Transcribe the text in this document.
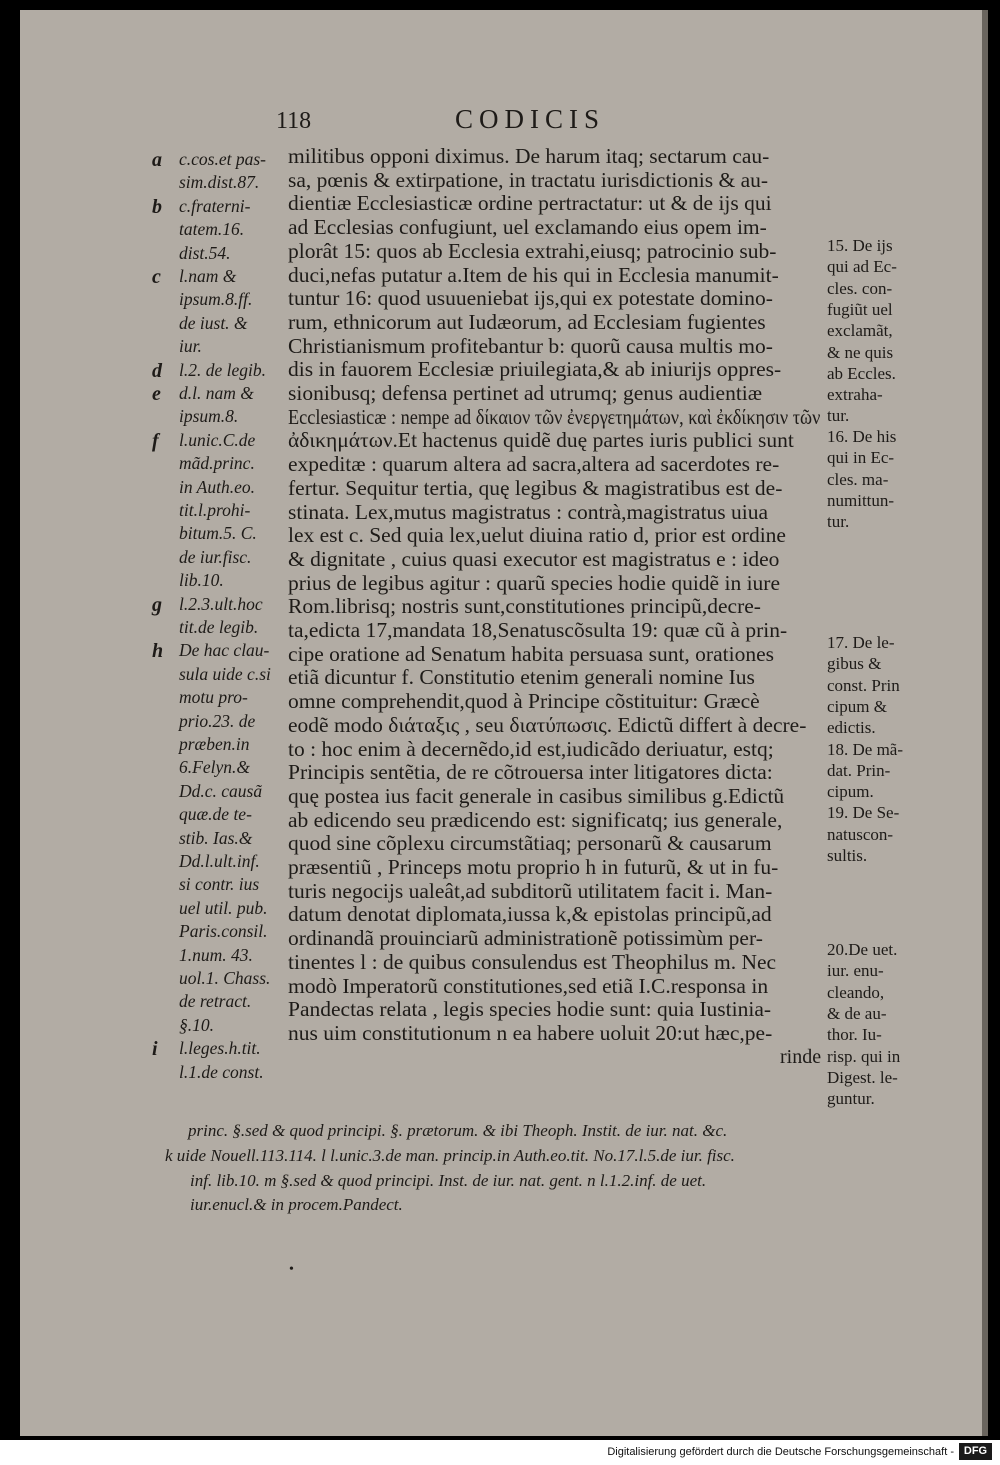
118	CODICIS
militibus opponi diximus. De harum itaq; sectarum cau-
sa, pœnis & extirpatione, in tractatu iurisdictionis & au-
dientiæ Ecclesiasticæ ordine pertractatur: ut & de ijs qui
ad Ecclesias confugiunt, uel exclamando eius opem im-
plorât 15: quos ab Ecclesia extrahi,eiusq; patrocinio sub-
duci,nefas putatur a.Item de his qui in Ecclesia manumit-
tuntur 16: quod usuueniebat ijs,qui ex potestate domino-
rum, ethnicorum aut Iudæorum, ad Ecclesiam fugientes
Christianismum profitebantur b: quorũ causa multis mo-
dis in fauorem Ecclesiæ priuilegiata,& ab iniurijs oppres-
sionibusq; defensa pertinet ad utrumq; genus audientiæ
Ecclesiasticæ : nempe ad δίκαιον τῶν ἐνεργετημάτων, καὶ ἐκδίκησιν τῶν
ἀδικημάτων.Et hactenus quidẽ duę partes iuris publici sunt
expeditæ : quarum altera ad sacra,altera ad sacerdotes re-
fertur. Sequitur tertia, quę legibus & magistratibus est de-
stinata. Lex,mutus magistratus : contrà,magistratus uiua
lex est c. Sed quia lex,uelut diuina ratio d, prior est ordine
& dignitate , cuius quasi executor est magistratus e : ideo
prius de legibus agitur : quarũ species hodie quidẽ in iure
Rom.librisq; nostris sunt,constitutiones principũ,decre-
ta,edicta 17,mandata 18,Senatuscõsulta 19: quæ cũ à prin-
cipe oratione ad Senatum habita persuasa sunt, orationes
etiã dicuntur f. Constitutio etenim generali nomine Ius
omne comprehendit,quod à Principe cõstituitur: Græcè
eodẽ modo διάταξις , seu διατύπωσις. Edictũ differt à decre-
to : hoc enim à decernẽdo,id est,iudicãdo deriuatur, estq;
Principis sentẽtia, de re cõtrouersa inter litigatores dicta:
quę postea ius facit generale in casibus similibus g.Edictũ
ab edicendo seu prædicendo est: significatq; ius generale,
quod sine cõplexu circumstãtiaq; personarũ & causarum
præsentiũ , Princeps motu proprio h in futurũ, & ut in fu-
turis negocijs ualeât,ad subditorũ utilitatem facit i. Man-
datum denotat diplomata,iussa k,& epistolas principũ,ad
ordinandã prouinciarũ administrationẽ potissimùm per-
tinentes l : de quibus consulendus est Theophilus m. Nec
modò Imperatorũ constitutiones,sed etiã I.C.responsa in
Pandectas relata , legis species hodie sunt: quia Iustinia-
nus uim constitutionum n ea habere uoluit 20:ut hæc,pe-
rinde
a c.cos.et pas-
sim.dist.87.
b c.fraterni-
tatem.16.
dist.54.
c l.nam &
ipsum.8.ff.
de iust. &
iur.
d l.2. de legib.
e d.l. nam &
ipsum.8.
f l.unic.C.de
mãd.princ.
in Auth.eo.
tit.l.prohi-
bitum.5. C.
de iur.fisc.
lib.10.
g l.2.3.ult.hoc
tit.de legib.
h De hac clau-
sula uide c.si
motu pro-
prio.23. de
præben.in
6.Felyn.&
Dd.c. causã
quæ.de te-
stib. Ias.&
Dd.l.ult.inf.
si contr. ius
uel util. pub.
Paris.consil.
1.num. 43.
uol.1. Chass.
de retract.
§.10.
i l.leges.h.tit.
l.1.de const.
15. De ijs
qui ad Ec-
cles. con-
fugiũt uel
exclamãt,
& ne quis
ab Eccles.
extraha-
tur.
16. De his
qui in Ec-
cles. ma-
numittun-
tur.
17. De le-
gibus &
const. Prin
cipum &
edictis.
18. De mã-
dat. Prin-
cipum.
19. De Se-
natuscon-
sultis.
20.De uet.
iur. enu-
cleando,
& de au-
thor. Iu-
risp. qui in
Digest. le-
guntur.
princ. §.sed & quod principi. §. prætorum. & ibi Theoph. Instit. de iur. nat. &c.
k uide Nouell.113.114. l l.unic.3.de man. princip.in Auth.eo.tit. No.17.l.5.de iur. fisc.
inf. lib.10. m §.sed & quod principi. Inst. de iur. nat. gent. n l.1.2.inf. de uet.
iur.enucl.& in procem.Pandect.
•
Digitalisierung gefördert durch die Deutsche Forschungsgemeinschaft - DFG
